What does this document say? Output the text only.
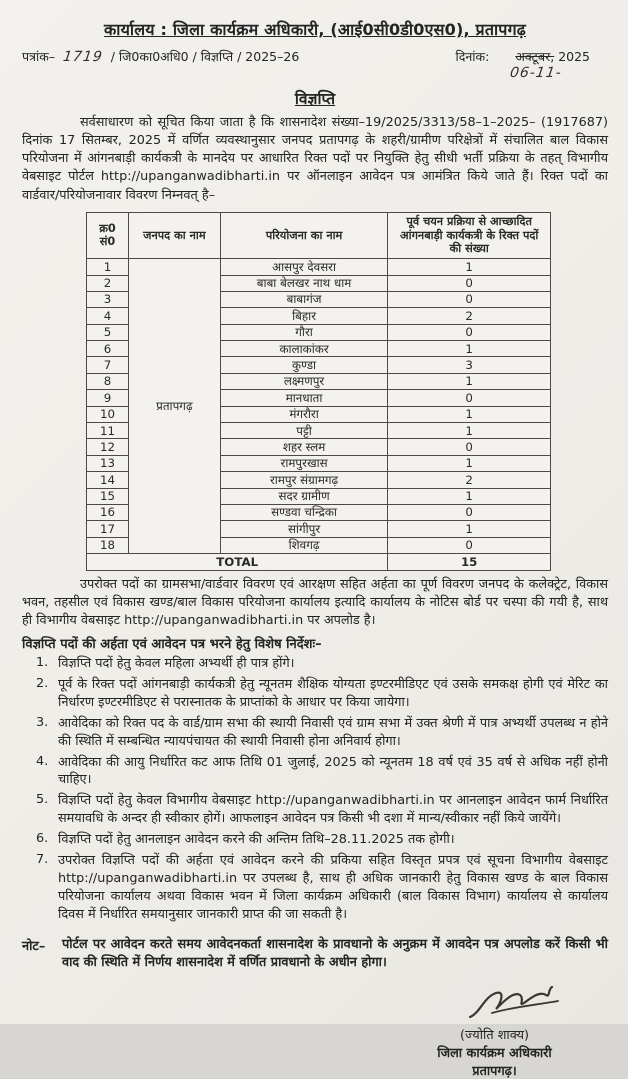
कार्यालय : जिला कार्यक्रम अधिकारी, (आई0सी0डी0एस0), प्रतापगढ़
पत्रांक– 1719 / जि0का0अधि0 / विज्ञप्ति / 2025–26	दिनांक: अक्टूबर, 2025
06-11-
विज्ञप्ति
सर्वसाधारण को सूचित किया जाता है कि शासनादेश संख्या–19/2025/3313/58–1–2025– (1917687) दिनांक 17 सितम्बर, 2025 में वर्णित व्यवस्थानुसार जनपद प्रतापगढ़ के शहरी/ग्रामीण परिक्षेत्रों में संचालित बाल विकास परियोजना में आंगनबाड़ी कार्यकत्री के मानदेय पर आधारित रिक्त पदों पर नियुक्ति हेतु सीधी भर्ती प्रक्रिया के तहत् विभागीय वेबसाइट पोर्टल http://upanganwadibharti.in पर ऑनलाइन आवेदन पत्र आमंत्रित किये जाते हैं। रिक्त पदों का वार्डवार/परियोजनावार विवरण निम्नवत् है–
क्र0 सं0	जनपद का नाम	परियोजना का नाम	पूर्व चयन प्रक्रिया से आच्छादित आंगनबाड़ी कार्यकत्री के रिक्त पदों की संख्या
1	प्रतापगढ़	आसपुर देवसरा	1
2		बाबा बेलखर नाथ धाम	0
3		बाबागंज	0
4		बिहार	2
5		गौरा	0
6		कालाकांकर	1
7		कुण्डा	3
8		लक्ष्मणपुर	1
9		मानधाता	0
10		मंगरौरा	1
11		पट्टी	1
12		शहर स्लम	0
13		रामपुरखास	1
14		रामपुर संग्रामगढ़	2
15		सदर ग्रामीण	1
16		सण्डवा चन्द्रिका	0
17		सांगीपुर	1
18		शिवगढ़	0
TOTAL			15
उपरोक्त पदों का ग्रामसभा/वार्डवार विवरण एवं आरक्षण सहित अर्हता का पूर्ण विवरण जनपद के कलेक्ट्रेट, विकास भवन, तहसील एवं विकास खण्ड/बाल विकास परियोजना कार्यालय इत्यादि कार्यालय के नोटिस बोर्ड पर चस्पा की गयी है, साथ ही विभागीय वेबसाइट http://upanganwadibharti.in पर अपलोड है।
विज्ञप्ति पदों की अर्हता एवं आवेदन पत्र भरने हेतु विशेष निर्देशः–
1. विज्ञप्ति पदों हेतु केवल महिला अभ्यर्थी ही पात्र होंगे।
2. पूर्व के रिक्त पदों आंगनबाड़ी कार्यकत्री हेतु न्यूनतम शैक्षिक योग्यता इण्टरमीडिएट एवं उसके समकक्ष होगी एवं मेरिट का निर्धारण इण्टरमीडिएट से परास्नातक के प्राप्तांको के आधार पर किया जायेगा।
3. आवेदिका को रिक्त पद के वार्ड/ग्राम सभा की स्थायी निवासी एवं ग्राम सभा में उक्त श्रेणी में पात्र अभ्यर्थी उपलब्ध न होने की स्थिति में सम्बन्धित न्यायपंचायत की स्थायी निवासी होना अनिवार्य होगा।
4. आवेदिका की आयु निर्धारित कट आफ तिथि 01 जुलाई, 2025 को न्यूनतम 18 वर्ष एवं 35 वर्ष से अधिक नहीं होनी चाहिए।
5. विज्ञप्ति पदों हेतु केवल विभागीय वेबसाइट http://upanganwadibharti.in पर आनलाइन आवेदन फार्म निर्धारित समयावधि के अन्दर ही स्वीकार होगें। आफलाइन आवेदन पत्र किसी भी दशा में मान्य/स्वीकार नहीं किये जायेंगे।
6. विज्ञप्ति पदों हेतु आनलाइन आवेदन करने की अन्तिम तिथि–28.11.2025 तक होगी।
7. उपरोक्त विज्ञप्ति पदों की अर्हता एवं आवेदन करने की प्रकिया सहित विस्तृत प्रपत्र एवं सूचना विभागीय वेबसाइट http://upanganwadibharti.in पर उपलब्ध है, साथ ही अधिक जानकारी हेतु विकास खण्ड के बाल विकास परियोजना कार्यालय अथवा विकास भवन में जिला कार्यक्रम अधिकारी (बाल विकास विभाग) कार्यालय से कार्यालय दिवस में निर्धारित समयानुसार जानकारी प्राप्त की जा सकती है।
नोट–	पोर्टल पर आवेदन करते समय आवेदनकर्ता शासनादेश के प्रावधानो के अनुक्रम में आवदेन पत्र अपलोड करें किसी भी वाद की स्थिति में निर्णय शासनादेश में वर्णित प्रावधानो के अधीन होगा।
(ज्योति शाक्य)
जिला कार्यक्रम अधिकारी
प्रतापगढ़।
